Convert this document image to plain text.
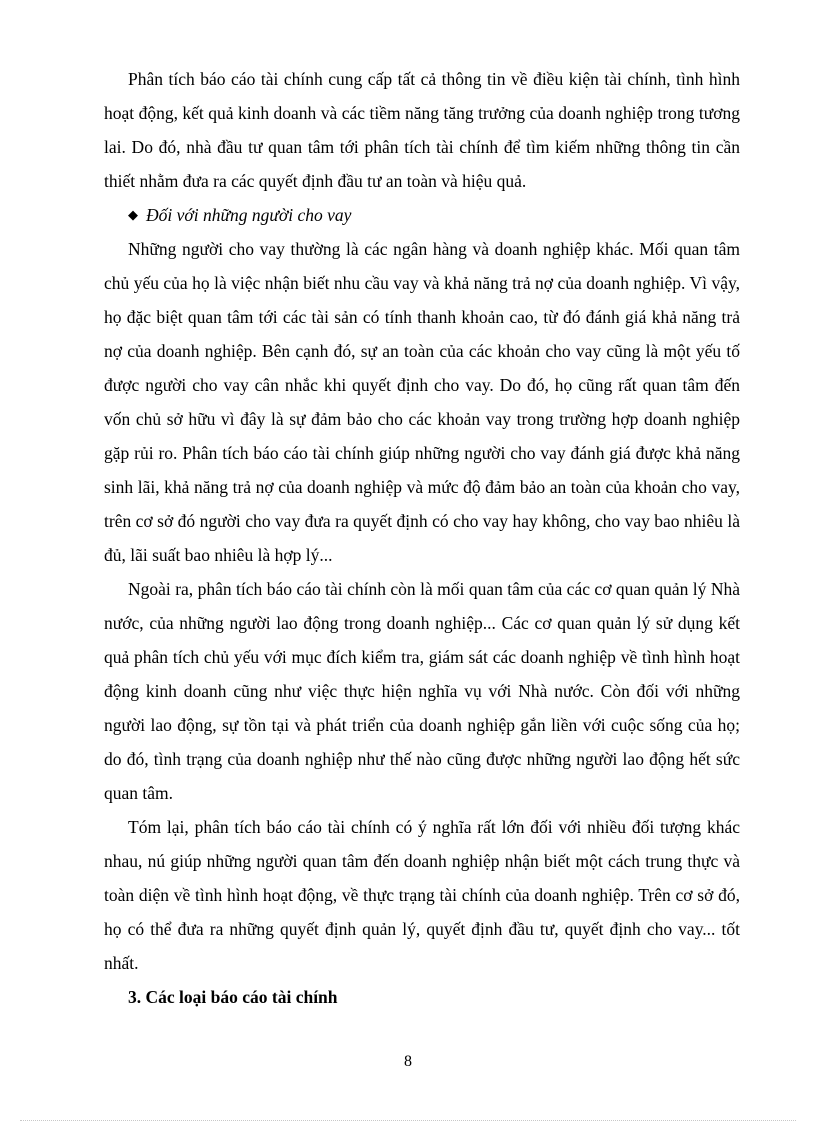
Phân tích báo cáo tài chính cung cấp tất cả thông tin về điều kiện tài chính, tình hình hoạt động, kết quả kinh doanh và các tiềm năng tăng trưởng của doanh nghiệp trong tương lai. Do đó, nhà đầu tư quan tâm tới phân tích tài chính để tìm kiếm những thông tin cần thiết nhằm đưa ra các quyết định đầu tư an toàn và hiệu quả.

◆ Đối với những người cho vay

Những người cho vay thường là các ngân hàng và doanh nghiệp khác. Mối quan tâm chủ yếu của họ là việc nhận biết nhu cầu vay và khả năng trả nợ của doanh nghiệp. Vì vậy, họ đặc biệt quan tâm tới các tài sản có tính thanh khoản cao, từ đó đánh giá khả năng trả nợ của doanh nghiệp. Bên cạnh đó, sự an toàn của các khoản cho vay cũng là một yếu tố được người cho vay cân nhắc khi quyết định cho vay. Do đó, họ cũng rất quan tâm đến vốn chủ sở hữu vì đây là sự đảm bảo cho các khoản vay trong trường hợp doanh nghiệp gặp rủi ro. Phân tích báo cáo tài chính giúp những người cho vay đánh giá được khả năng sinh lãi, khả năng trả nợ của doanh nghiệp và mức độ đảm bảo an toàn của khoản cho vay, trên cơ sở đó người cho vay đưa ra quyết định có cho vay hay không, cho vay bao nhiêu là đủ, lãi suất bao nhiêu là hợp lý...

Ngoài ra, phân tích báo cáo tài chính còn là mối quan tâm của các cơ quan quản lý Nhà nước, của những người lao động trong doanh nghiệp... Các cơ quan quản lý sử dụng kết quả phân tích chủ yếu với mục đích kiểm tra, giám sát các doanh nghiệp về tình hình hoạt động kinh doanh cũng như việc thực hiện nghĩa vụ với Nhà nước. Còn đối với những người lao động, sự tồn tại và phát triển của doanh nghiệp gắn liền với cuộc sống của họ; do đó, tình trạng của doanh nghiệp như thế nào cũng được những người lao động hết sức quan tâm.

Tóm lại, phân tích báo cáo tài chính có ý nghĩa rất lớn đối với nhiều đối tượng khác nhau, nú giúp những người quan tâm đến doanh nghiệp nhận biết một cách trung thực và toàn diện về tình hình hoạt động, về thực trạng tài chính của doanh nghiệp. Trên cơ sở đó, họ có thể đưa ra những quyết định quản lý, quyết định đầu tư, quyết định cho vay... tốt nhất.

3. Các loại báo cáo tài chính

8
